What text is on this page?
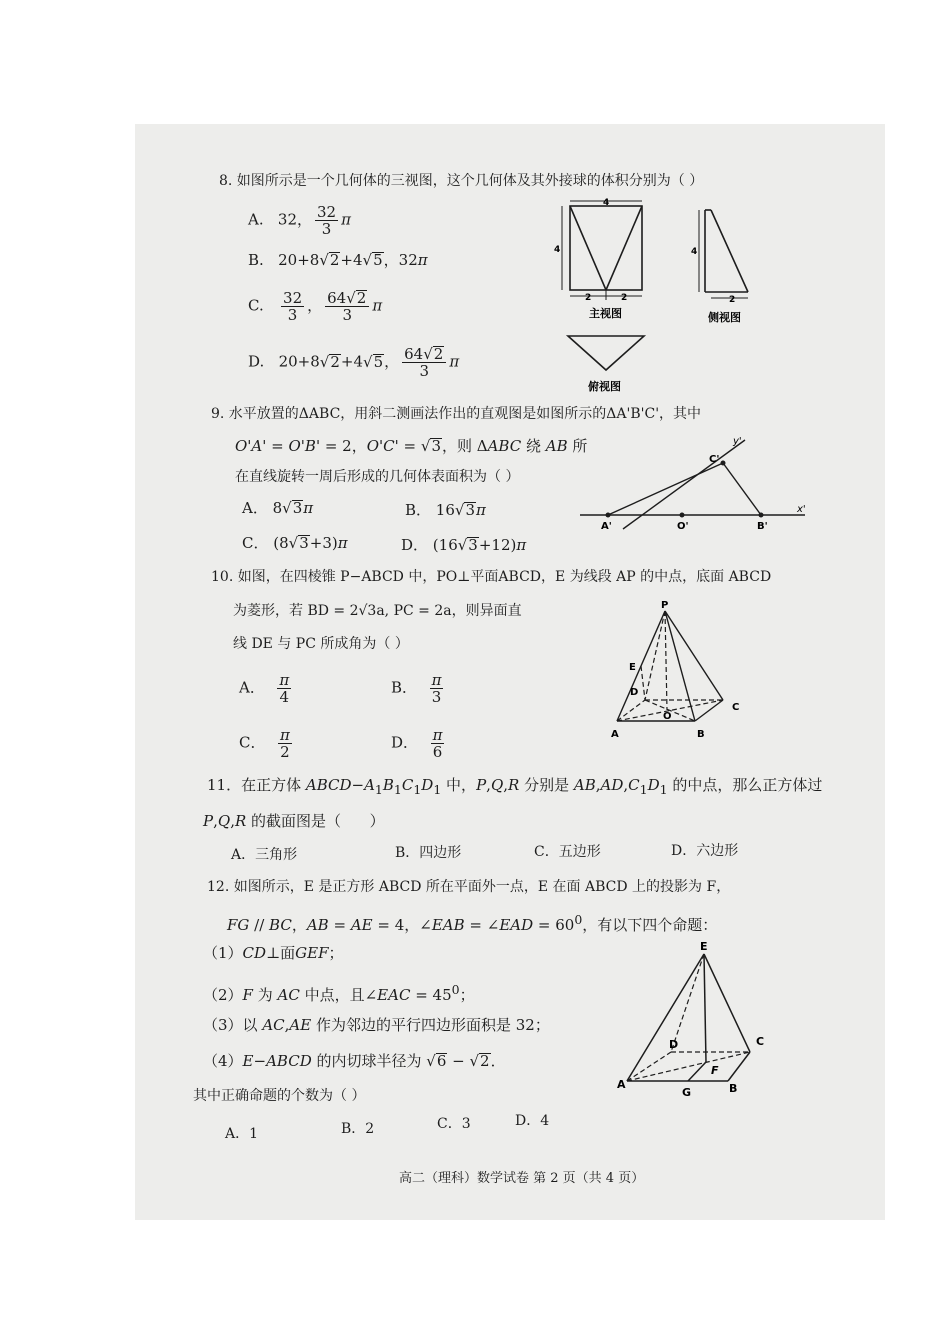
8. 如图所示是一个几何体的三视图，这个几何体及其外接球的体积分别为（ ）
A.   32， $\frac{32}{3}$ π
B.   20+8 √ 2+4 √ 5，32π
C. $\frac{32}{3}$ ， $\frac{64 √ 2}{3}$ π
D.   20+8 √ 2+4 √ 5， $\frac{64 √ 2}{3}$ π
4
4
2	2
4
2
主视图	侧视图
俯视图
9. 水平放置的ΔABC，用斜二测画法作出的直观图是如图所示的ΔA'B'C'，其中
O'A' = O'B' = 2，O'C' = √ 3，则 ΔABC 绕 AB 所
在直线旋转一周后形成的几何体表面积为（ ）
A． 8 √ 3π	B． 16 √ 3π
C． (8 √ 3+3)π	D． (16 √ 3+12)π
A'	O'	B'
C'
x'
y'
10. 如图，在四棱锥 P−ABCD 中，PO⊥平面ABCD，E 为线段 AP 的中点，底面 ABCD
为菱形，若 BD = 2√3a, PC = 2a，则异面直
线 DE 与 PC 所成角为（ ）
A． $\frac{\pi}{4}$	B． $\frac{\pi}{3}$
C． $\frac{\pi}{2}$	D． $\frac{\pi}{6}$
P
E
D
O
A	B
C
11．在正方体 $ABCD-A_1B_1C_1D_1$ 中，P,Q,R 分别是 $AB,AD,C_1D_1$ 的中点，那么正方体过
P,Q,R 的截面图是（      ）
A．三角形	B．四边形	C．五边形	D．六边形
12. 如图所示，E 是正方形 ABCD 所在平面外一点，E 在面 ABCD 上的投影为 F，
FG // BC，AB = AE = 4，∠EAB = ∠EAD = $60^0$，有以下四个命题：
（1）CD⊥面GEF；
（2）F 为 AC 中点，且∠EAC = $45^0$；
（3）以 AC,AE 作为邻边的平行四边形面积是 32；
（4）E−ABCD 的内切球半径为 √ 6 − √ 2．
其中正确命题的个数为（ ）
A．1	B．2	C．3	D．4
E
D	C
F
A
G	B
高二（理科）数学试卷 第 2 页（共 4 页）
